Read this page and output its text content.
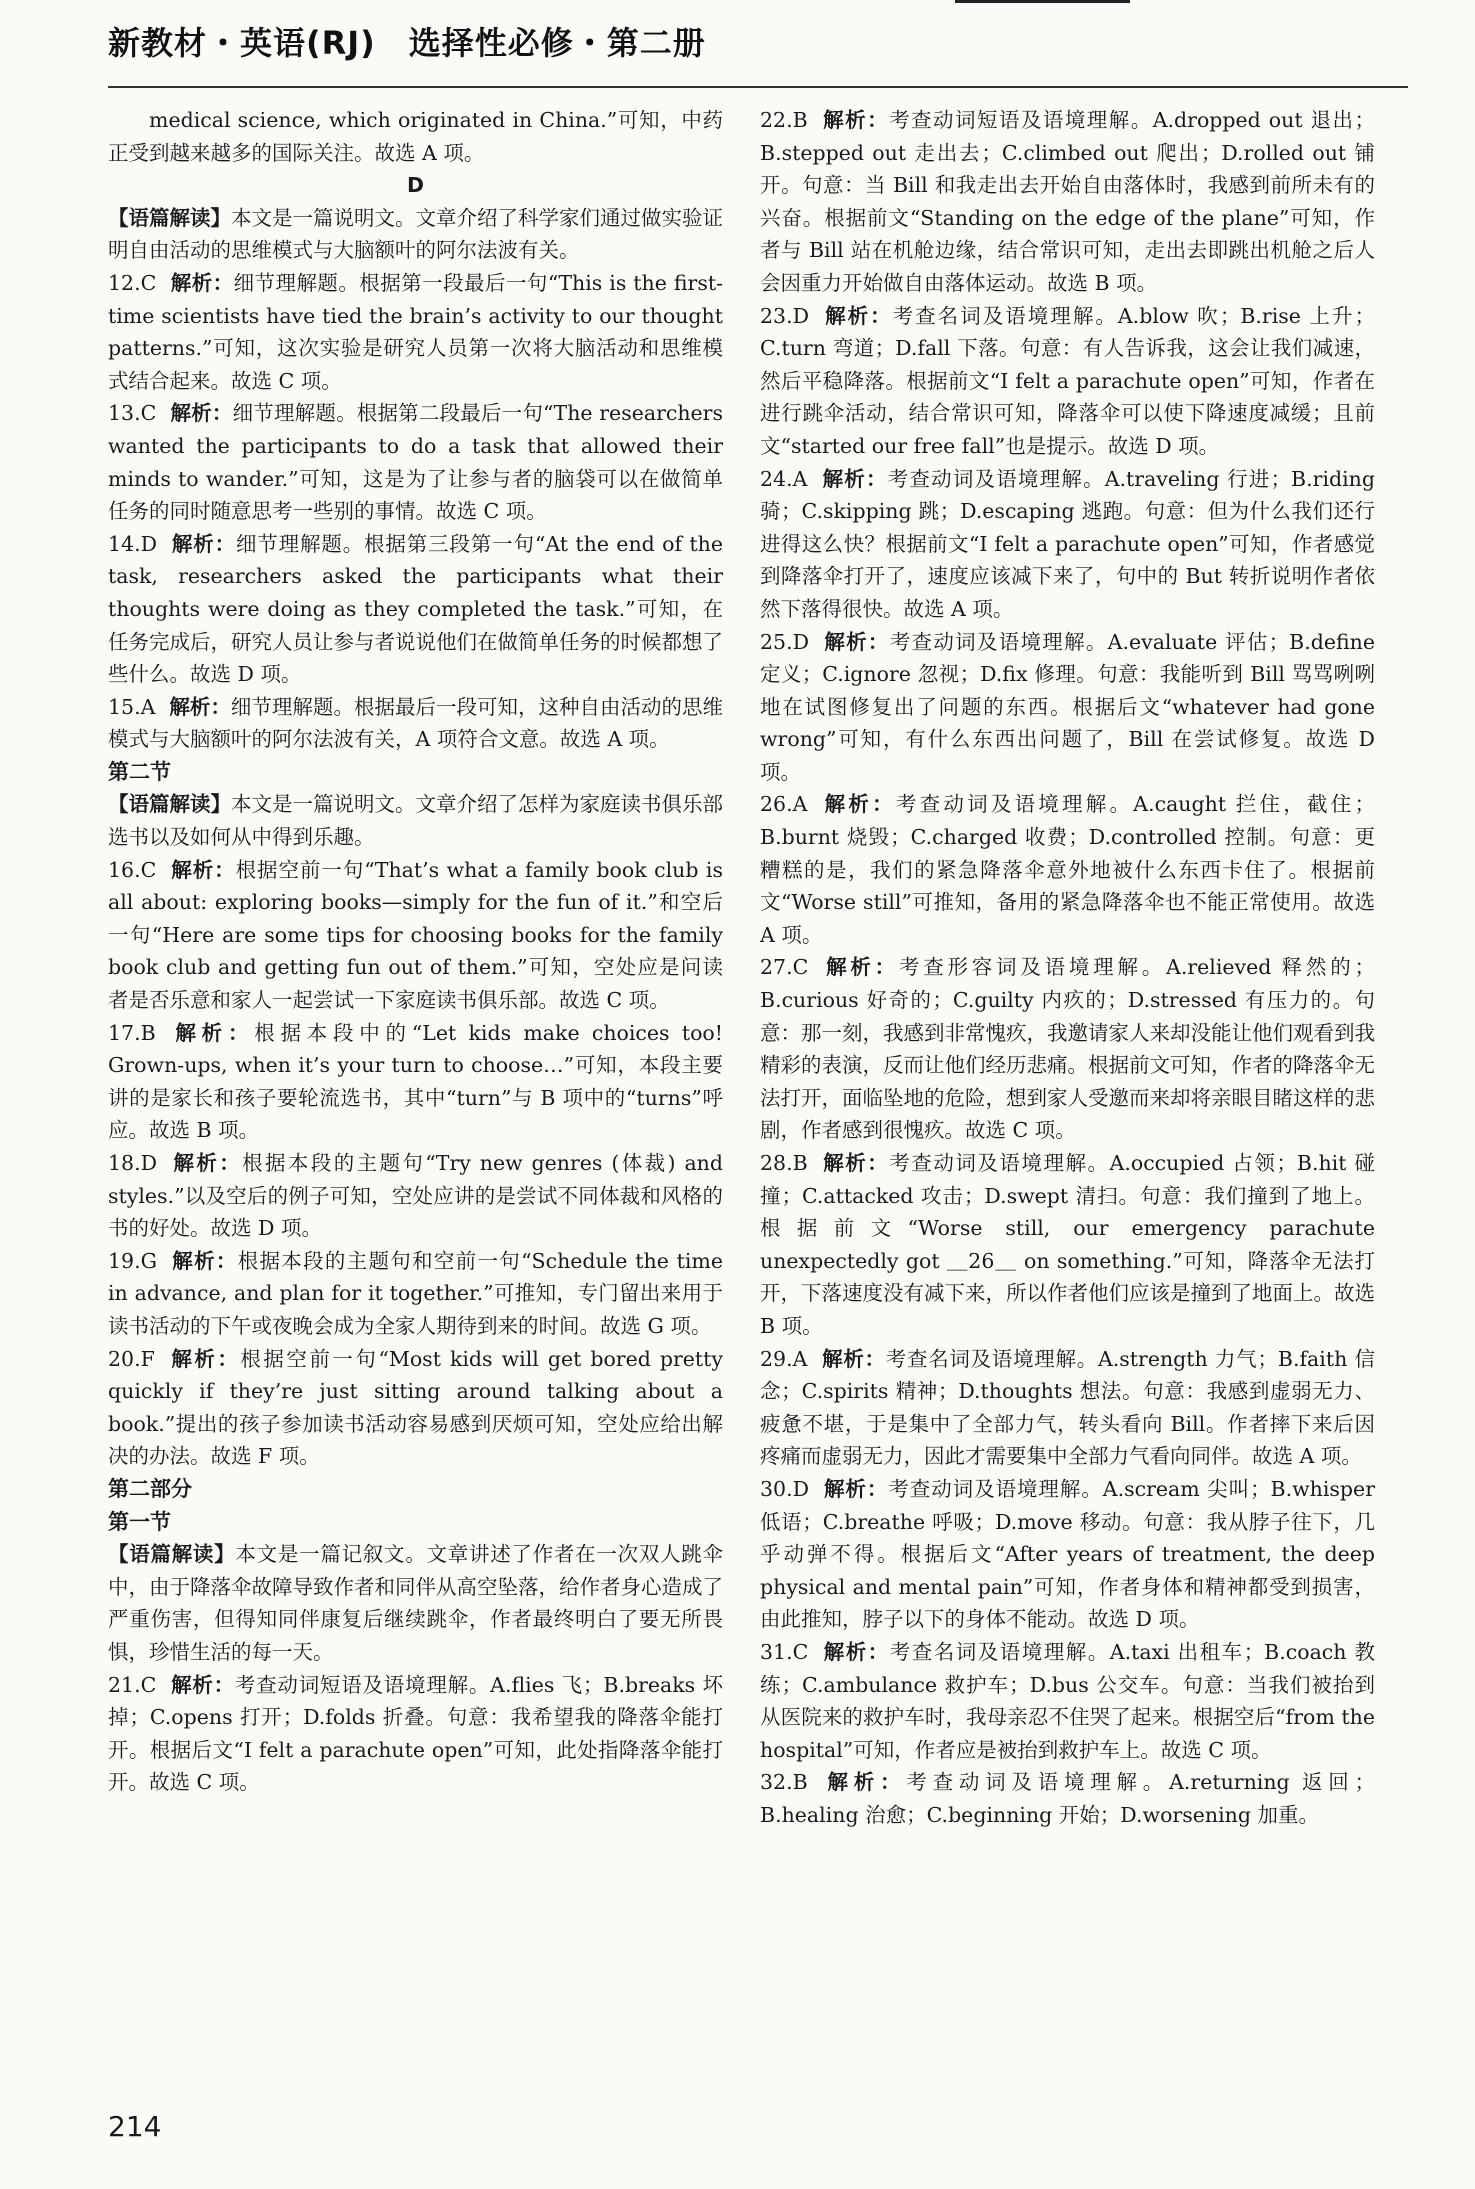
新教材・英语(RJ)　选择性必修・第二册

medical science, which originated in China.”可知，中药正受到越来越多的国际关注。故选 A 项。

D

【语篇解读】本文是一篇说明文。文章介绍了科学家们通过做实验证明自由活动的思维模式与大脑额叶的阿尔法波有关。

12.C 解析：细节理解题。根据第一段最后一句“This is the first-time scientists have tied the brain’s activity to our thought patterns.”可知，这次实验是研究人员第一次将大脑活动和思维模式结合起来。故选 C 项。

13.C 解析：细节理解题。根据第二段最后一句“The researchers wanted the participants to do a task that allowed their minds to wander.”可知，这是为了让参与者的脑袋可以在做简单任务的同时随意思考一些别的事情。故选 C 项。

14.D 解析：细节理解题。根据第三段第一句“At the end of the task, researchers asked the participants what their thoughts were doing as they completed the task.”可知，在任务完成后，研究人员让参与者说说他们在做简单任务的时候都想了些什么。故选 D 项。

15.A 解析：细节理解题。根据最后一段可知，这种自由活动的思维模式与大脑额叶的阿尔法波有关，A 项符合文意。故选 A 项。

第二节

【语篇解读】本文是一篇说明文。文章介绍了怎样为家庭读书俱乐部选书以及如何从中得到乐趣。

16.C 解析：根据空前一句“That’s what a family book club is all about: exploring books—simply for the fun of it.”和空后一句“Here are some tips for choosing books for the family book club and getting fun out of them.”可知，空处应是问读者是否乐意和家人一起尝试一下家庭读书俱乐部。故选 C 项。

17.B 解析：根据本段中的“Let kids make choices too! Grown-ups, when it’s your turn to choose…”可知，本段主要讲的是家长和孩子要轮流选书，其中“turn”与 B 项中的“turns”呼应。故选 B 项。

18.D 解析：根据本段的主题句“Try new genres (体裁) and styles.”以及空后的例子可知，空处应讲的是尝试不同体裁和风格的书的好处。故选 D 项。

19.G 解析：根据本段的主题句和空前一句“Schedule the time in advance, and plan for it together.”可推知，专门留出来用于读书活动的下午或夜晚会成为全家人期待到来的时间。故选 G 项。

20.F 解析：根据空前一句“Most kids will get bored pretty quickly if they’re just sitting around talking about a book.”提出的孩子参加读书活动容易感到厌烦可知，空处应给出解决的办法。故选 F 项。

第二部分

第一节

【语篇解读】本文是一篇记叙文。文章讲述了作者在一次双人跳伞中，由于降落伞故障导致作者和同伴从高空坠落，给作者身心造成了严重伤害，但得知同伴康复后继续跳伞，作者最终明白了要无所畏惧，珍惜生活的每一天。

21.C 解析：考查动词短语及语境理解。A.flies 飞；B.breaks 坏掉；C.opens 打开；D.folds 折叠。句意：我希望我的降落伞能打开。根据后文“I felt a parachute open”可知，此处指降落伞能打开。故选 C 项。

22.B 解析：考查动词短语及语境理解。A.dropped out 退出；B.stepped out 走出去；C.climbed out 爬出；D.rolled out 铺开。句意：当 Bill 和我走出去开始自由落体时，我感到前所未有的兴奋。根据前文“Standing on the edge of the plane”可知，作者与 Bill 站在机舱边缘，结合常识可知，走出去即跳出机舱之后人会因重力开始做自由落体运动。故选 B 项。

23.D 解析：考查名词及语境理解。A.blow 吹；B.rise 上升；C.turn 弯道；D.fall 下落。句意：有人告诉我，这会让我们减速，然后平稳降落。根据前文“I felt a parachute open”可知，作者在进行跳伞活动，结合常识可知，降落伞可以使下降速度减缓；且前文“started our free fall”也是提示。故选 D 项。

24.A 解析：考查动词及语境理解。A.traveling 行进；B.riding 骑；C.skipping 跳；D.escaping 逃跑。句意：但为什么我们还行进得这么快？根据前文“I felt a parachute open”可知，作者感觉到降落伞打开了，速度应该减下来了，句中的 But 转折说明作者依然下落得很快。故选 A 项。

25.D 解析：考查动词及语境理解。A.evaluate 评估；B.define 定义；C.ignore 忽视；D.fix 修理。句意：我能听到 Bill 骂骂咧咧地在试图修复出了问题的东西。根据后文“whatever had gone wrong”可知，有什么东西出问题了，Bill 在尝试修复。故选 D 项。

26.A 解析：考查动词及语境理解。A.caught 拦住，截住；B.burnt 烧毁；C.charged 收费；D.controlled 控制。句意：更糟糕的是，我们的紧急降落伞意外地被什么东西卡住了。根据前文“Worse still”可推知，备用的紧急降落伞也不能正常使用。故选 A 项。

27.C 解析：考查形容词及语境理解。A.relieved 释然的；B.curious 好奇的；C.guilty 内疚的；D.stressed 有压力的。句意：那一刻，我感到非常愧疚，我邀请家人来却没能让他们观看到我精彩的表演，反而让他们经历悲痛。根据前文可知，作者的降落伞无法打开，面临坠地的危险，想到家人受邀而来却将亲眼目睹这样的悲剧，作者感到很愧疚。故选 C 项。

28.B 解析：考查动词及语境理解。A.occupied 占领；B.hit 碰撞；C.attacked 攻击；D.swept 清扫。句意：我们撞到了地上。根据前文“Worse still, our emergency parachute unexpectedly got ＿26＿ on something.”可知，降落伞无法打开，下落速度没有减下来，所以作者他们应该是撞到了地面上。故选 B 项。

29.A 解析：考查名词及语境理解。A.strength 力气；B.faith 信念；C.spirits 精神；D.thoughts 想法。句意：我感到虚弱无力、疲惫不堪，于是集中了全部力气，转头看向 Bill。作者摔下来后因疼痛而虚弱无力，因此才需要集中全部力气看向同伴。故选 A 项。

30.D 解析：考查动词及语境理解。A.scream 尖叫；B.whisper 低语；C.breathe 呼吸；D.move 移动。句意：我从脖子往下，几乎动弹不得。根据后文“After years of treatment, the deep physical and mental pain”可知，作者身体和精神都受到损害，由此推知，脖子以下的身体不能动。故选 D 项。

31.C 解析：考查名词及语境理解。A.taxi 出租车；B.coach 教练；C.ambulance 救护车；D.bus 公交车。句意：当我们被抬到从医院来的救护车时，我母亲忍不住哭了起来。根据空后“from the hospital”可知，作者应是被抬到救护车上。故选 C 项。

32.B 解析：考查动词及语境理解。A.returning 返回；B.healing 治愈；C.beginning 开始；D.worsening 加重。

214
